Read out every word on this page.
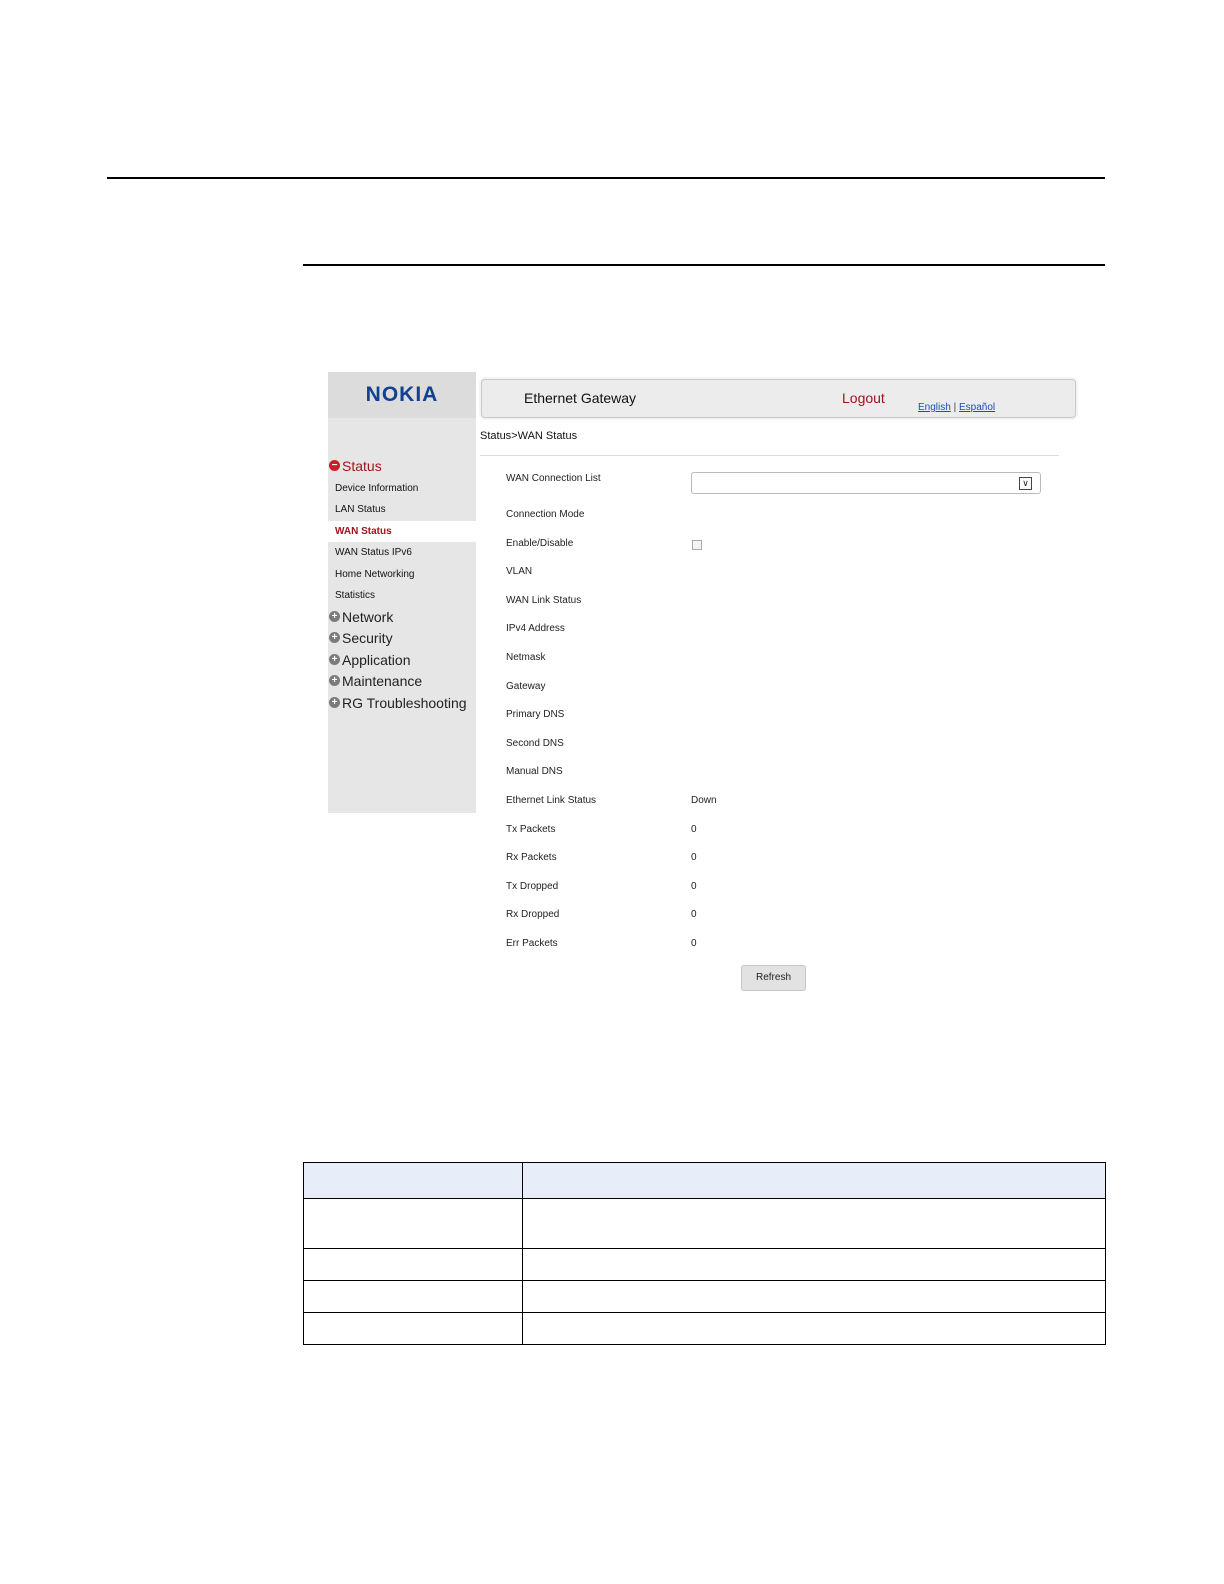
NOKIA
− Status
Device Information
LAN Status
WAN Status
WAN Status IPv6
Home Networking
Statistics
+ Network
+ Security
+ Application
+ Maintenance
+ RG Troubleshooting
Ethernet Gateway	Logout
English | Español
Status>WAN Status
WAN Connection List
Connection Mode
Enable/Disable
VLAN
WAN Link Status
IPv4 Address
Netmask
Gateway
Primary DNS
Second DNS
Manual DNS
Ethernet Link Status	Down
Tx Packets	0
Rx Packets	0
Tx Dropped	0
Rx Dropped	0
Err Packets	0
∨
Refresh
